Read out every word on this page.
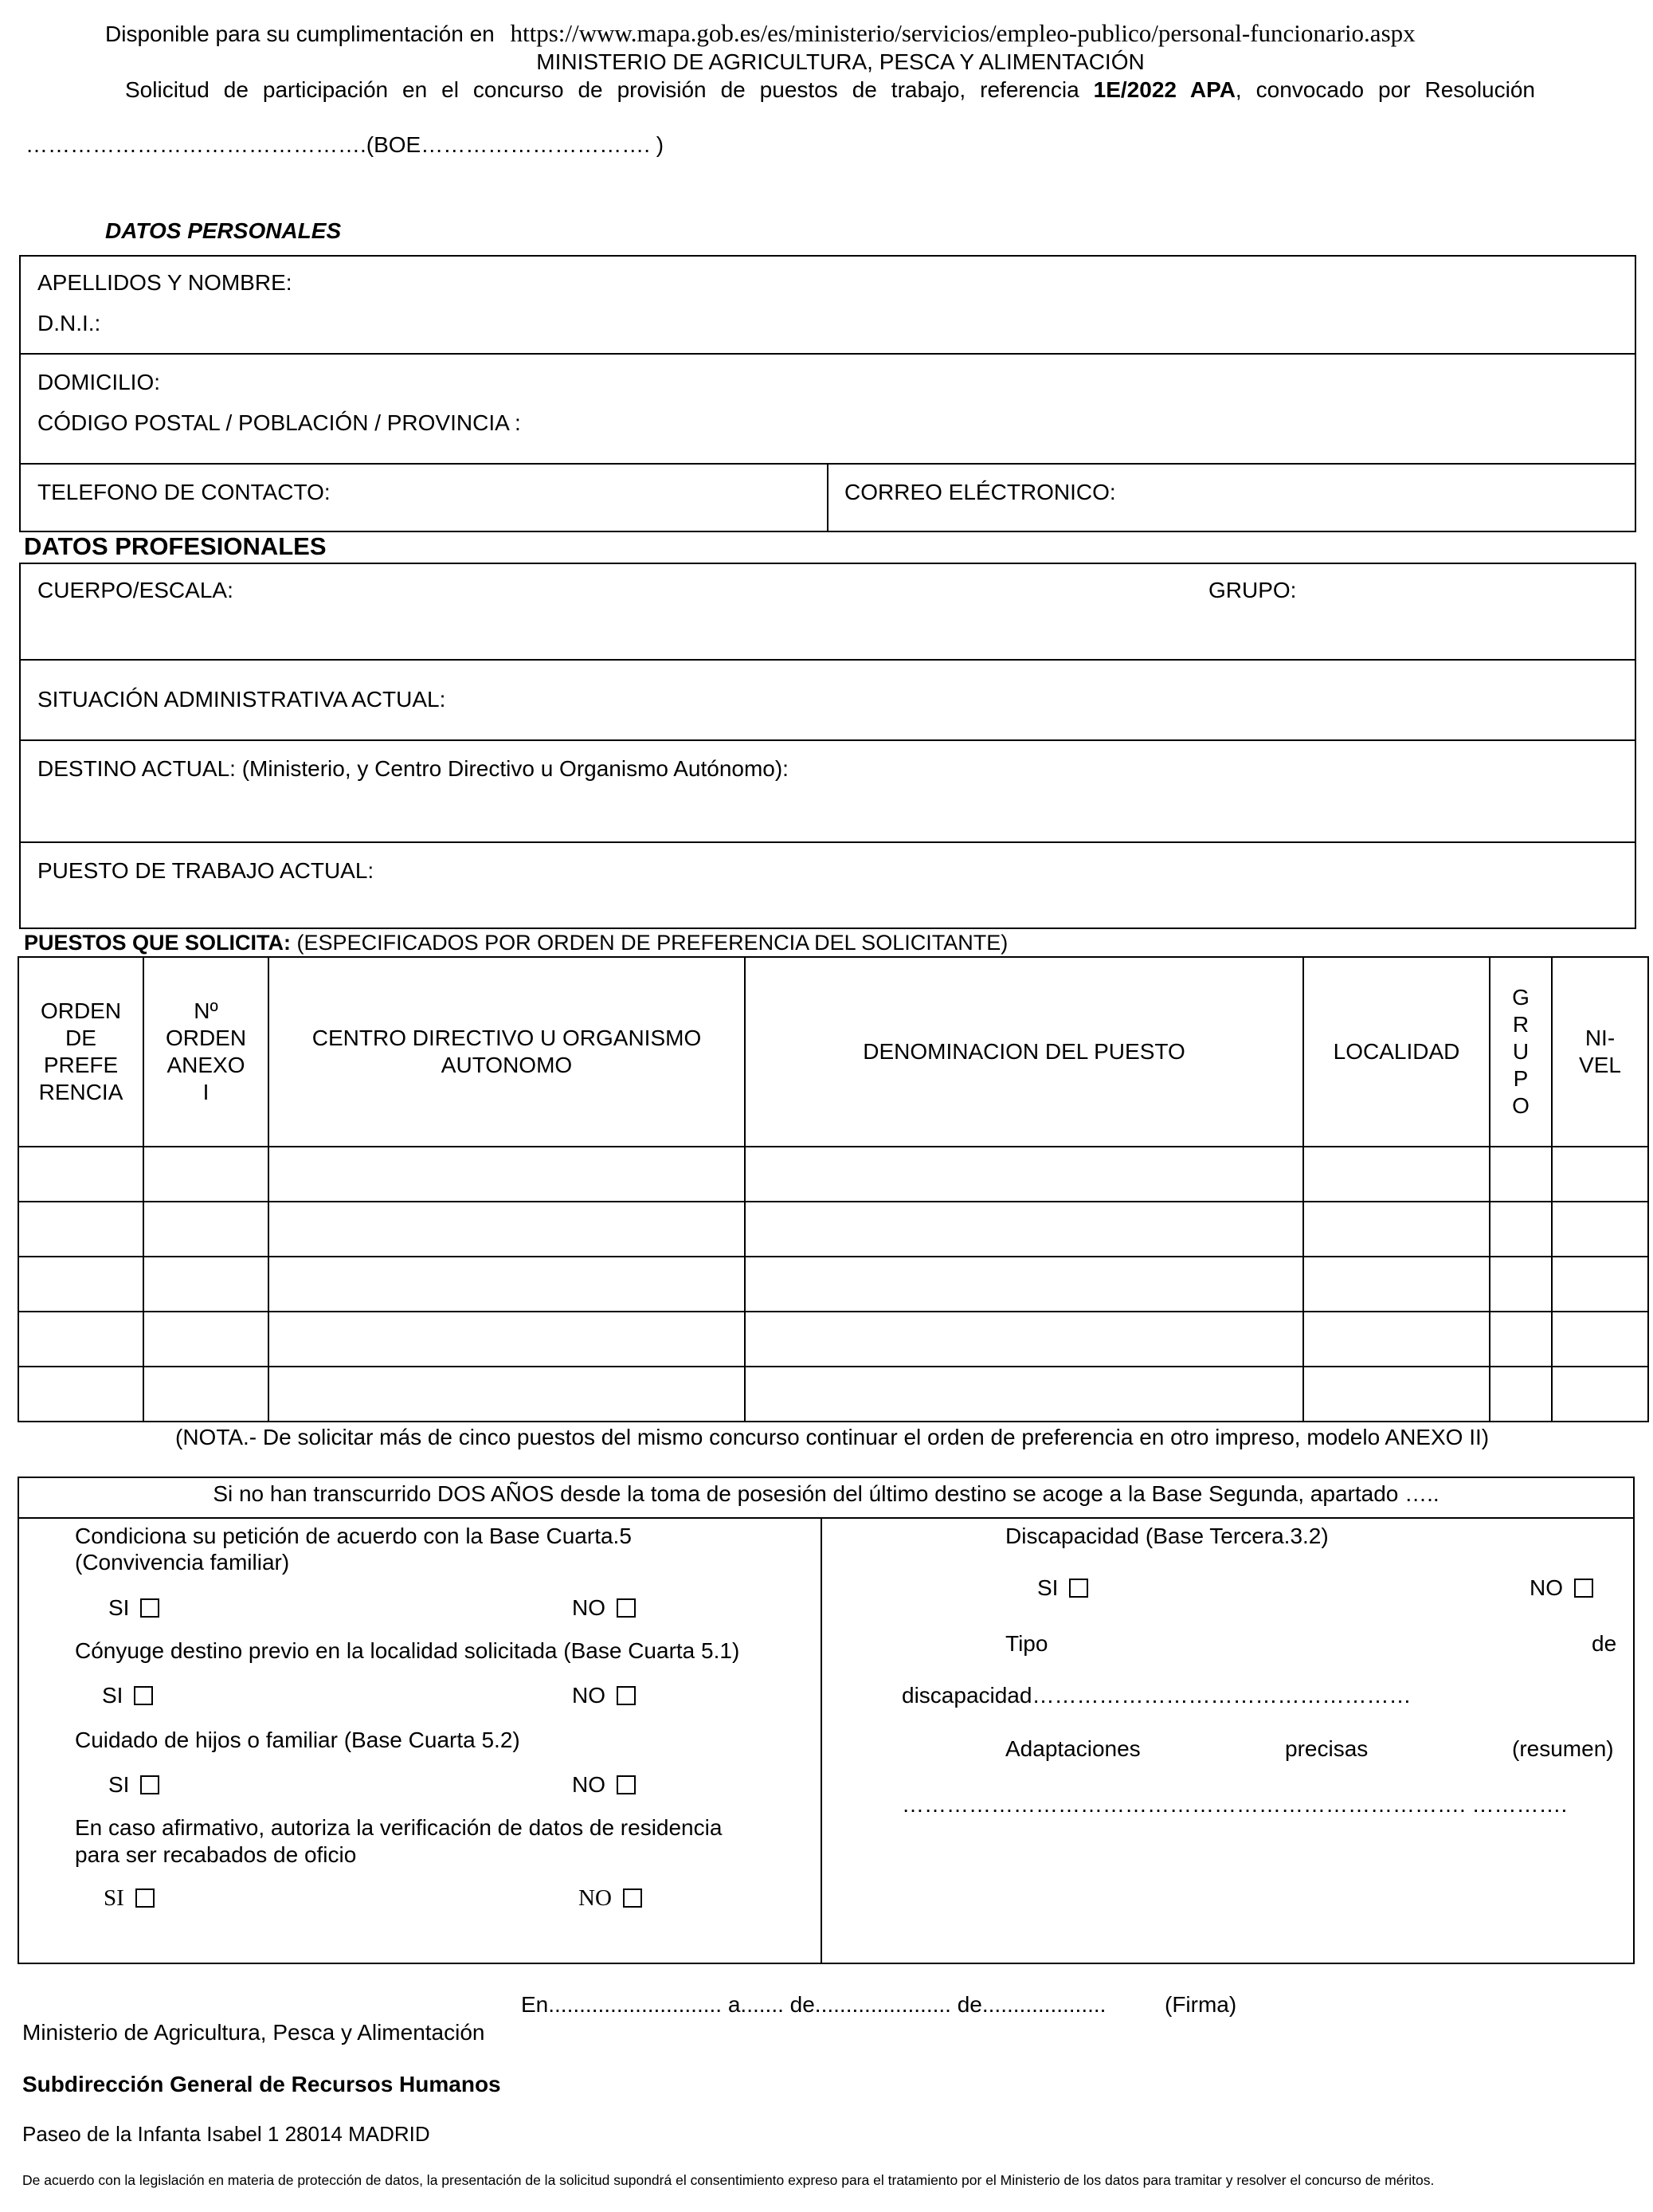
Disponible para su cumplimentación en https://www.mapa.gob.es/es/ministerio/servicios/empleo-publico/personal-funcionario.aspx
MINISTERIO DE AGRICULTURA, PESCA Y ALIMENTACIÓN
Solicitud de participación en el concurso de provisión de puestos de trabajo, referencia 1E/2022 APA, convocado por Resolución
……………………………………….(BOE…………………………. )
DATOS PERSONALES
APELLIDOS Y NOMBRE:
D.N.I.:
DOMICILIO:
CÓDIGO POSTAL / POBLACIÓN / PROVINCIA :
TELEFONO DE CONTACTO:	CORREO ELÉCTRONICO:
DATOS PROFESIONALES
CUERPO/ESCALA:	GRUPO:
SITUACIÓN ADMINISTRATIVA ACTUAL:
DESTINO ACTUAL: (Ministerio, y Centro Directivo u Organismo Autónomo):
PUESTO DE TRABAJO ACTUAL:
PUESTOS QUE SOLICITA: (ESPECIFICADOS POR ORDEN DE PREFERENCIA DEL SOLICITANTE)
ORDEN
DE
PREFE
RENCIA	Nº
ORDEN
ANEXO
I	CENTRO DIRECTIVO U ORGANISMO
AUTONOMO	DENOMINACION DEL PUESTO	LOCALIDAD	G
R
U
P
O	NI-
VEL

(NOTA.- De solicitar más de cinco puestos del mismo concurso continuar el orden de preferencia en otro impreso, modelo ANEXO II)
Si no han transcurrido DOS AÑOS desde la toma de posesión del último destino se acoge a la Base Segunda, apartado …..
Condiciona su petición de acuerdo con la Base Cuarta.5
(Convivencia familiar)
SI	NO
Cónyuge destino previo en la localidad solicitada (Base Cuarta 5.1)
SI	NO
Cuidado de hijos o familiar (Base Cuarta 5.2)
SI	NO
En caso afirmativo, autoriza la verificación de datos de residencia
para ser recabados de oficio
SI	NO
Discapacidad (Base Tercera.3.2)
SI	NO
Tipo	de
discapacidad……………………………………………
Adaptaciones	precisas	(resumen)
…………………………………………………………………. ………….
En............................ a....... de...................... de....................	(Firma)
Ministerio de Agricultura, Pesca y Alimentación
Subdirección General de Recursos Humanos
Paseo de la Infanta Isabel 1 28014 MADRID
De acuerdo con la legislación en materia de protección de datos, la presentación de la solicitud supondrá el consentimiento expreso para el tratamiento por el Ministerio de los datos para tramitar y resolver el concurso de méritos.
